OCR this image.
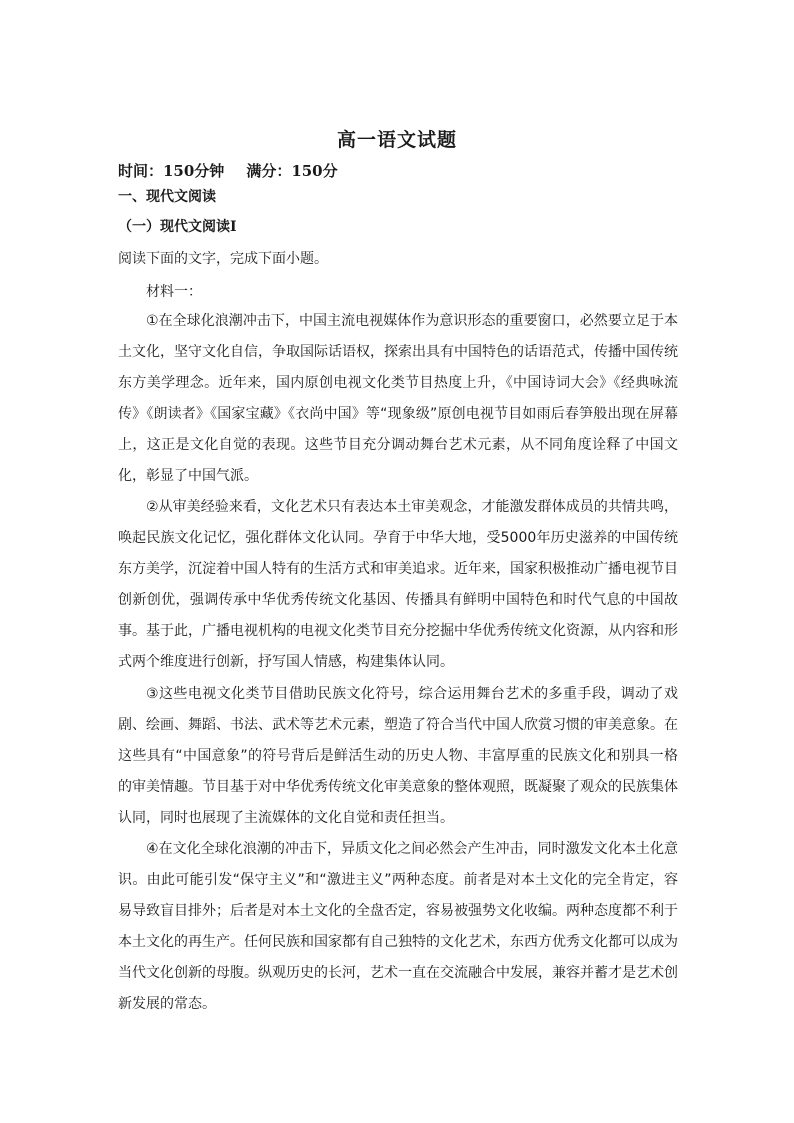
高一语文试题
时间：150分钟 满分：150分
一、现代文阅读
（一）现代文阅读Ⅰ
阅读下面的文字，完成下面小题。
材料一：

①在全球化浪潮冲击下，中国主流电视媒体作为意识形态的重要窗口，必然要立足于本土文化，坚守文化自信，争取国际话语权，探索出具有中国特色的话语范式，传播中国传统东方美学理念。近年来，国内原创电视文化类节目热度上升，《中国诗词大会》《经典咏流传》《朗读者》《国家宝藏》《衣尚中国》等“现象级”原创电视节目如雨后春笋般出现在屏幕上，这正是文化自觉的表现。这些节目充分调动舞台艺术元素，从不同角度诠释了中国文化，彰显了中国气派。

②从审美经验来看，文化艺术只有表达本土审美观念，才能激发群体成员的共情共鸣，唤起民族文化记忆，强化群体文化认同。孕育于中华大地，受5000年历史滋养的中国传统东方美学，沉淀着中国人特有的生活方式和审美追求。近年来，国家积极推动广播电视节目创新创优，强调传承中华优秀传统文化基因、传播具有鲜明中国特色和时代气息的中国故事。基于此，广播电视机构的电视文化类节目充分挖掘中华优秀传统文化资源，从内容和形式两个维度进行创新，抒写国人情感，构建集体认同。

③这些电视文化类节目借助民族文化符号，综合运用舞台艺术的多重手段，调动了戏剧、绘画、舞蹈、书法、武术等艺术元素，塑造了符合当代中国人欣赏习惯的审美意象。在这些具有“中国意象”的符号背后是鲜活生动的历史人物、丰富厚重的民族文化和别具一格的审美情趣。节目基于对中华优秀传统文化审美意象的整体观照，既凝聚了观众的民族集体认同，同时也展现了主流媒体的文化自觉和责任担当。

④在文化全球化浪潮的冲击下，异质文化之间必然会产生冲击，同时激发文化本土化意识。由此可能引发“保守主义”和“激进主义”两种态度。前者是对本土文化的完全肯定，容易导致盲目排外；后者是对本土文化的全盘否定，容易被强势文化收编。两种态度都不利于本土文化的再生产。任何民族和国家都有自己独特的文化艺术，东西方优秀文化都可以成为当代文化创新的母腹。纵观历史的长河，艺术一直在交流融合中发展，兼容并蓄才是艺术创新发展的常态。
